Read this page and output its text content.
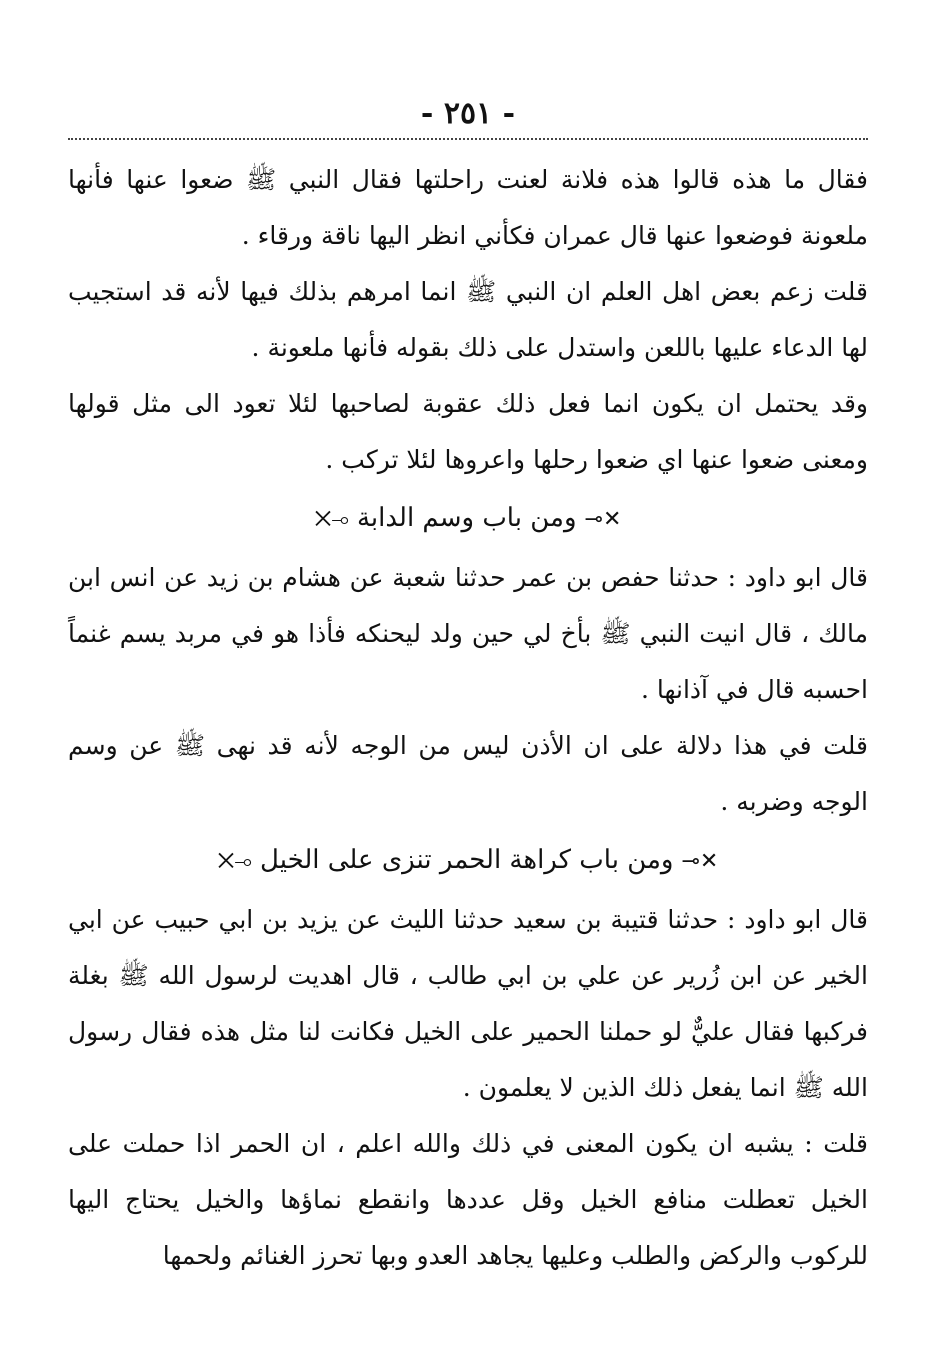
- ٢٥١ -

فقال ما هذه قالوا هذه فلانة لعنت راحلتها فقال النبي ﷺ ضعوا عنها فأنها ملعونة فوضعوا عنها قال عمران فكأني انظر اليها ناقة ورقاء .

قلت زعم بعض اهل العلم ان النبي ﷺ انما امرهم بذلك فيها لأنه قد استجيب لها الدعاء عليها باللعن واستدل على ذلك بقوله فأنها ملعونة .

وقد يحتمل ان يكون انما فعل ذلك عقوبة لصاحبها لئلا تعود الى مثل قولها ومعنى ضعوا عنها اي ضعوا رحلها واعروها لئلا تركب .

✕⊸ومن باب وسم الدابة⟜✕

قال ابو داود : حدثنا حفص بن عمر حدثنا شعبة عن هشام بن زيد عن انس ابن مالك ، قال انيت النبي ﷺ بأخ لي حين ولد ليحنكه فأذا هو في مربد يسم غنماً احسبه قال في آذانها .

قلت في هذا دلالة على ان الأذن ليس من الوجه لأنه قد نهى ﷺ عن وسم الوجه وضربه .

✕⊸ومن باب كراهة الحمر تنزى على الخيل⟜✕

قال ابو داود : حدثنا قتيبة بن سعيد حدثنا الليث عن يزيد بن ابي حبيب عن ابي الخير عن ابن زُرير عن علي بن ابي طالب ، قال اهديت لرسول الله ﷺ بغلة فركبها فقال عليٌّ لو حملنا الحمير على الخيل فكانت لنا مثل هذه فقال رسول الله ﷺ انما يفعل ذلك الذين لا يعلمون .

قلت : يشبه ان يكون المعنى في ذلك والله اعلم ، ان الحمر اذا حملت على الخيل تعطلت منافع الخيل وقل عددها وانقطع نماؤها والخيل يحتاج اليها للركوب والركض والطلب وعليها يجاهد العدو وبها تحرز الغنائم ولحمها
